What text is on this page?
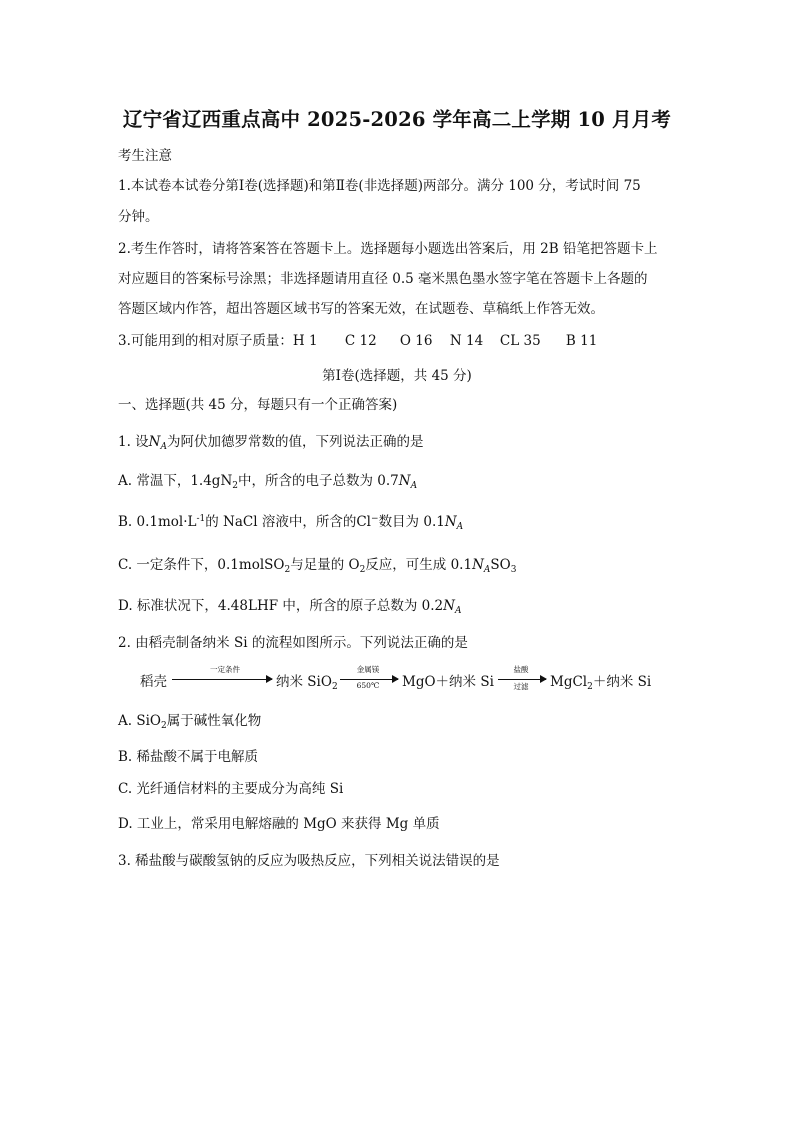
辽宁省辽西重点高中 2025-2026 学年高二上学期 10 月月考
考生注意
1.本试卷本试卷分第Ⅰ卷(选择题)和第Ⅱ卷(非选择题)两部分。满分 100 分，考试时间 75
分钟。
2.考生作答时，请将答案答在答题卡上。选择题每小题选出答案后，用 2B 铅笔把答题卡上
对应题目的答案标号涂黑；非选择题请用直径 0.5 毫米黑色墨水签字笔在答题卡上各题的
答题区域内作答，超出答题区域书写的答案无效，在试题卷、草稿纸上作答无效。
3.可能用到的相对原子质量：H 1 C 12 O 16 N 14 CL 35 B 11
第Ⅰ卷(选择题，共 45 分)
一、选择题(共 45 分，每题只有一个正确答案)
1. 设$N_A$为阿伏加德罗常数的值，下列说法正确的是
A. 常温下，$1.4gN_2$中，所含的电子总数为 $0.7N_A$
B. $0.1mol\cdot L^{-1}$的 NaCl 溶液中，所含的Cl−数目为 $0.1N_A$
C. 一定条件下，0.1molSO$_2$与足量的 $O_2$反应，可生成 $0.1N_ASO_3$
D. 标准状况下，4.48LHF 中，所含的原子总数为 $0.2N_A$
2. 由稻壳制备纳米 Si 的流程如图所示。下列说法正确的是
稻壳
一定条件
纳米 SiO$_2$
金属镁
650℃	MgO＋纳米 Si
盐酸
过滤	MgCl$_2$＋纳米 Si
A. SiO$_2$属于碱性氧化物
B. 稀盐酸不属于电解质
C. 光纤通信材料的主要成分为高纯 Si
D. 工业上，常采用电解熔融的 MgO 来获得 Mg 单质
3. 稀盐酸与碳酸氢钠的反应为吸热反应，下列相关说法错误的是
